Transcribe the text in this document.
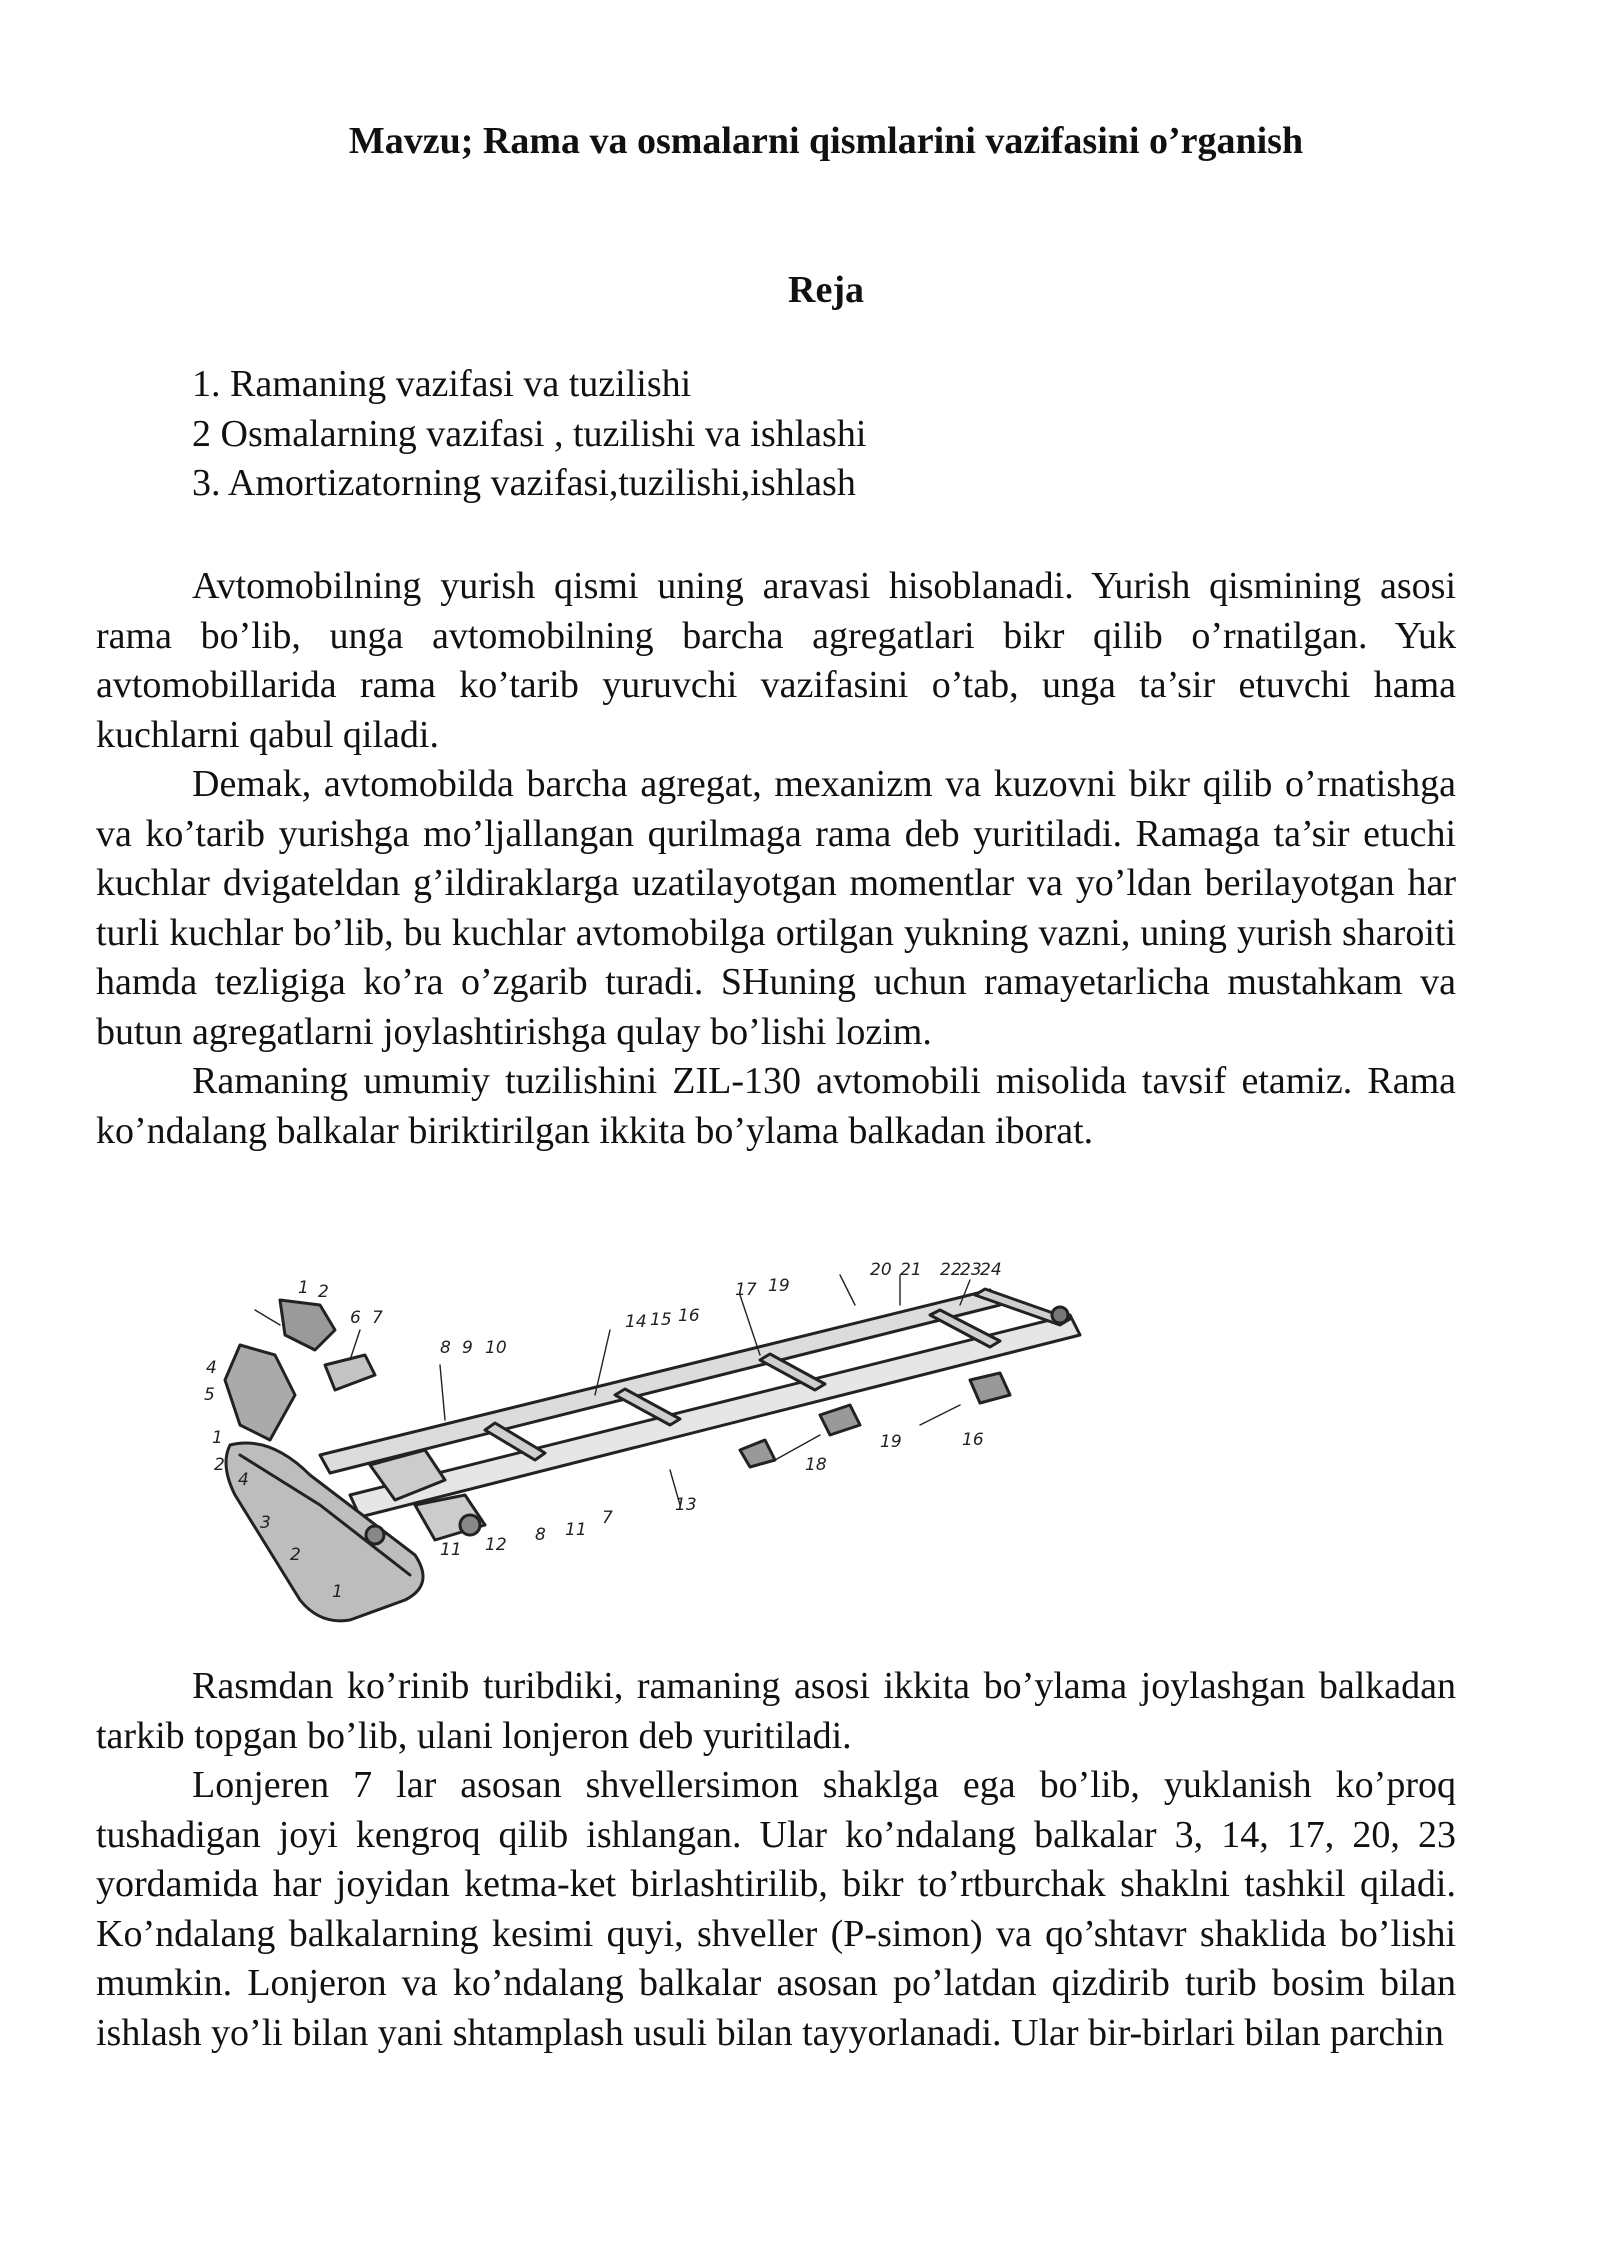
Mavzu; Rama va osmalarni qismlarini vazifasini o’rganish
Reja
1. Ramaning vazifasi va tuzilishi
2 Osmalarning vazifasi , tuzilishi va ishlashi
3. Amortizatorning vazifasi,tuzilishi,ishlash

Avtomobilning yurish qismi uning aravasi hisoblanadi. Yurish qismining asosi rama bo’lib, unga avtomobilning barcha agregatlari bikr qilib o’rnatilgan. Yuk avtomobillarida rama ko’tarib yuruvchi vazifasini o’tab, unga ta’sir etuvchi hama kuchlarni qabul qiladi.

Demak, avtomobilda barcha agregat, mexanizm va kuzovni bikr qilib o’rnatishga va ko’tarib yurishga mo’ljallangan qurilmaga rama deb yuritiladi. Ramaga ta’sir etuchi kuchlar dvigateldan g’ildiraklarga uzatilayotgan momentlar va yo’ldan berilayotgan har turli kuchlar bo’lib, bu kuchlar avtomobilga ortilgan yukning vazni, uning yurish sharoiti hamda tezligiga ko’ra o’zgarib turadi. SHuning uchun ramayetarlicha mustahkam va butun agregatlarni joylashtirishga qulay bo’lishi lozim.

Ramaning umumiy tuzilishini ZIL-130 avtomobili misolida tavsif etamiz. Rama ko’ndalang balkalar biriktirilgan ikkita bo’ylama balkadan iborat.

1 2
6 7
4
5
1
2
4
3
2
1
8 9 10
11 12 8 11
7
13
14 15 16
17 19
19
18
16
20 21 22
23
24

Rasmdan ko’rinib turibdiki, ramaning asosi ikkita bo’ylama joylashgan balkadan tarkib topgan bo’lib, ulani lonjeron deb yuritiladi.

Lonjeren 7 lar asosan shvellersimon shaklga ega bo’lib, yuklanish ko’proq tushadigan joyi kengroq qilib ishlangan. Ular ko’ndalang balkalar 3, 14, 17, 20, 23 yordamida har joyidan ketma-ket birlashtirilib, bikr to’rtburchak shaklni tashkil qiladi. Ko’ndalang balkalarning kesimi quyi, shveller (P-simon) va qo’shtavr shaklida bo’lishi mumkin. Lonjeron va ko’ndalang balkalar asosan po’latdan qizdirib turib bosim bilan ishlash yo’li bilan yani shtamplash usuli bilan tayyorlanadi. Ular bir-birlari bilan parchin
